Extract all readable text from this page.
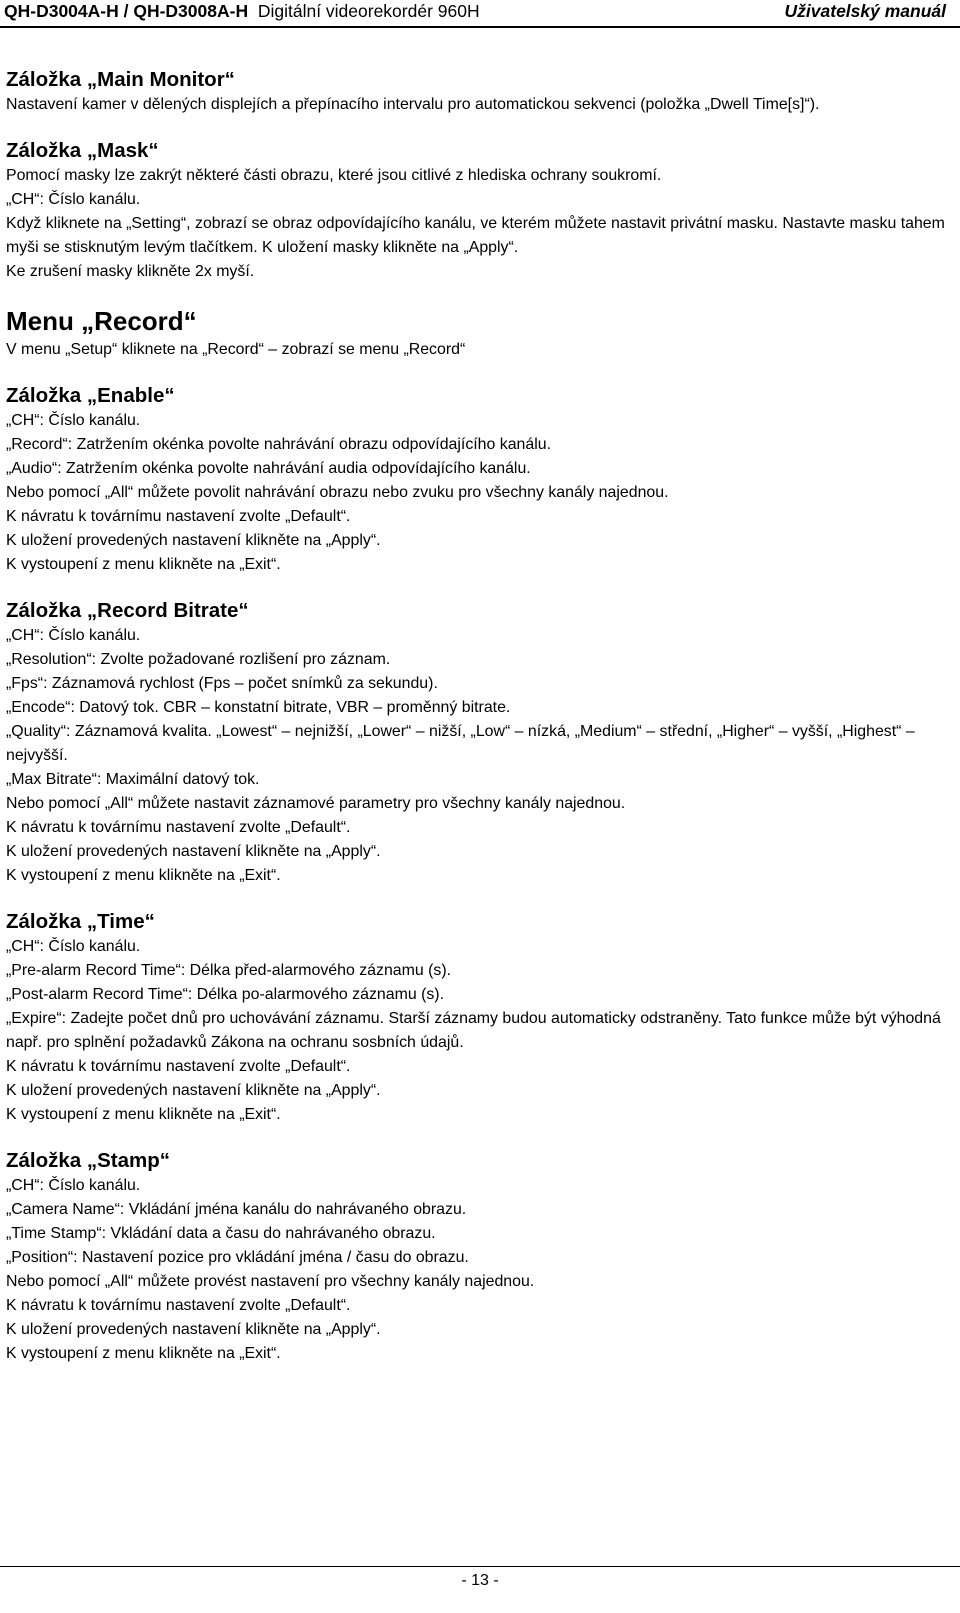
QH-D3004A-H / QH-D3008A-H Digitální videorekordér 960H	Uživatelský manuál

Záložka „Main Monitor“

Nastavení kamer v dělených displejích a přepínacího intervalu pro automatickou sekvenci (položka „Dwell Time[s]“).

Záložka „Mask“

Pomocí masky lze zakrýt některé části obrazu, které jsou citlivé z hlediska ochrany soukromí.

„CH“: Číslo kanálu.

Když kliknete na „Setting“, zobrazí se obraz odpovídajícího kanálu, ve kterém můžete nastavit privátní masku. Nastavte masku tahem myši se stisknutým levým tlačítkem. K uložení masky klikněte na „Apply“.

Ke zrušení masky klikněte 2x myší.

Menu „Record“

V menu „Setup“ kliknete na „Record“ – zobrazí se menu „Record“

Záložka „Enable“

„CH“: Číslo kanálu.

„Record“: Zatržením okénka povolte nahrávání obrazu odpovídajícího kanálu.

„Audio“: Zatržením okénka povolte nahrávání audia odpovídajícího kanálu.

Nebo pomocí „All“ můžete povolit nahrávání obrazu nebo zvuku pro všechny kanály najednou.

K návratu k továrnímu nastavení zvolte „Default“.

K uložení provedených nastavení klikněte na „Apply“.

K vystoupení z menu klikněte na „Exit“.

Záložka „Record Bitrate“

„CH“: Číslo kanálu.

„Resolution“: Zvolte požadované rozlišení pro záznam.

„Fps“: Záznamová rychlost (Fps – počet snímků za sekundu).

„Encode“: Datový tok. CBR – konstatní bitrate, VBR – proměnný bitrate.

„Quality“: Záznamová kvalita. „Lowest“ – nejnižší, „Lower“ – nižší, „Low“ – nízká, „Medium“ – střední, „Higher“ – vyšší, „Highest“ – nejvyšší.

„Max Bitrate“: Maximální datový tok.

Nebo pomocí „All“ můžete nastavit záznamové parametry pro všechny kanály najednou.

K návratu k továrnímu nastavení zvolte „Default“.

K uložení provedených nastavení klikněte na „Apply“.

K vystoupení z menu klikněte na „Exit“.

Záložka „Time“

„CH“: Číslo kanálu.

„Pre-alarm Record Time“: Délka před-alarmového záznamu (s).

„Post-alarm Record Time“: Délka po-alarmového záznamu (s).

„Expire“: Zadejte počet dnů pro uchovávání záznamu. Starší záznamy budou automaticky odstraněny. Tato funkce může být výhodná např. pro splnění požadavků Zákona na ochranu sosbních údajů.

K návratu k továrnímu nastavení zvolte „Default“.

K uložení provedených nastavení klikněte na „Apply“.

K vystoupení z menu klikněte na „Exit“.

Záložka „Stamp“

„CH“: Číslo kanálu.

„Camera Name“: Vkládání jména kanálu do nahrávaného obrazu.

„Time Stamp“: Vkládání data a času do nahrávaného obrazu.

„Position“: Nastavení pozice pro vkládání jména / času do obrazu.

Nebo pomocí „All“ můžete provést nastavení pro všechny kanály najednou.

K návratu k továrnímu nastavení zvolte „Default“.

K uložení provedených nastavení klikněte na „Apply“.

K vystoupení z menu klikněte na „Exit“.

- 13 -
